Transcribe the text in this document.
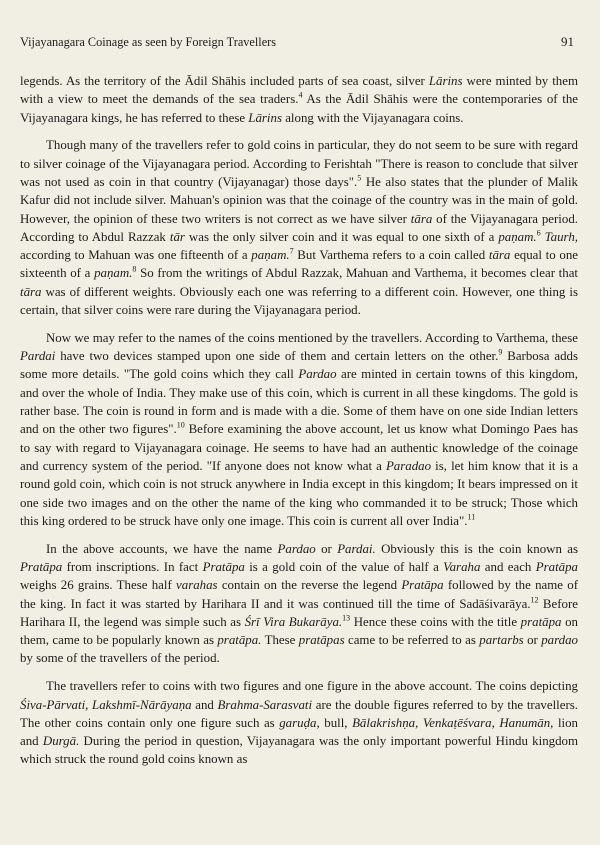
Vijayanagara Coinage as seen by Foreign Travellers	91

legends. As the territory of the Ādil Shāhis included parts of sea coast, silver Lārins were minted by them with a view to meet the demands of the sea traders.$^4$ As the Ādil Shāhis were the contemporaries of the Vijayanagara kings, he has referred to these Lārins along with the Vijayanagara coins.

Though many of the travellers refer to gold coins in particular, they do not seem to be sure with regard to silver coinage of the Vijayanagara period. According to Ferishtah "There is reason to conclude that silver was not used as coin in that country (Vijayanagar) those days".$^5$ He also states that the plunder of Malik Kafur did not include silver. Mahuan's opinion was that the coinage of the country was in the main of gold. However, the opinion of these two writers is not correct as we have silver tāra of the Vijayanagara period. According to Abdul Razzak tār was the only silver coin and it was equal to one sixth of a paṇam.$^6$ Taurh, according to Mahuan was one fifteenth of a paṇam.$^7$ But Varthema refers to a coin called tāra equal to one sixteenth of a paṇam.$^8$ So from the writings of Abdul Razzak, Mahuan and Varthema, it becomes clear that tāra was of different weights. Obviously each one was referring to a different coin. However, one thing is certain, that silver coins were rare during the Vijayanagara period.

Now we may refer to the names of the coins mentioned by the travellers. According to Varthema, these Pardai have two devices stamped upon one side of them and certain letters on the other.$^9$ Barbosa adds some more details. "The gold coins which they call Pardao are minted in certain towns of this kingdom, and over the whole of India. They make use of this coin, which is current in all these kingdoms. The gold is rather base. The coin is round in form and is made with a die. Some of them have on one side Indian letters and on the other two figures".$^{10}$ Before examining the above account, let us know what Domingo Paes has to say with regard to Vijayanagara coinage. He seems to have had an authentic knowledge of the coinage and currency system of the period. "If anyone does not know what a Paradao is, let him know that it is a round gold coin, which coin is not struck anywhere in India except in this kingdom; It bears impressed on it one side two images and on the other the name of the king who commanded it to be struck; Those which this king ordered to be struck have only one image. This coin is current all over India".$^{11}$

In the above accounts, we have the name Pardao or Pardai. Obviously this is the coin known as Pratāpa from inscriptions. In fact Pratāpa is a gold coin of the value of half a Varaha and each Pratāpa weighs 26 grains. These half varahas contain on the reverse the legend Pratāpa followed by the name of the king. In fact it was started by Harihara II and it was continued till the time of Sadāśivarāya.$^{12}$ Before Harihara II, the legend was simple such as Śrī Vira Bukarāya.$^{13}$ Hence these coins with the title pratāpa on them, came to be popularly known as pratāpa. These pratāpas came to be referred to as partarbs or pardao by some of the travellers of the period.

The travellers refer to coins with two figures and one figure in the above account. The coins depicting Śiva-Pārvati, Lakshmī-Nārāyaṇa and Brahma-Sarasvati are the double figures referred to by the travellers. The other coins contain only one figure such as garuḍa, bull, Bālakrishṇa, Venkaṭēśvara, Hanumān, lion and Durgā. During the period in question, Vijayanagara was the only important powerful Hindu kingdom which struck the round gold coins known as
